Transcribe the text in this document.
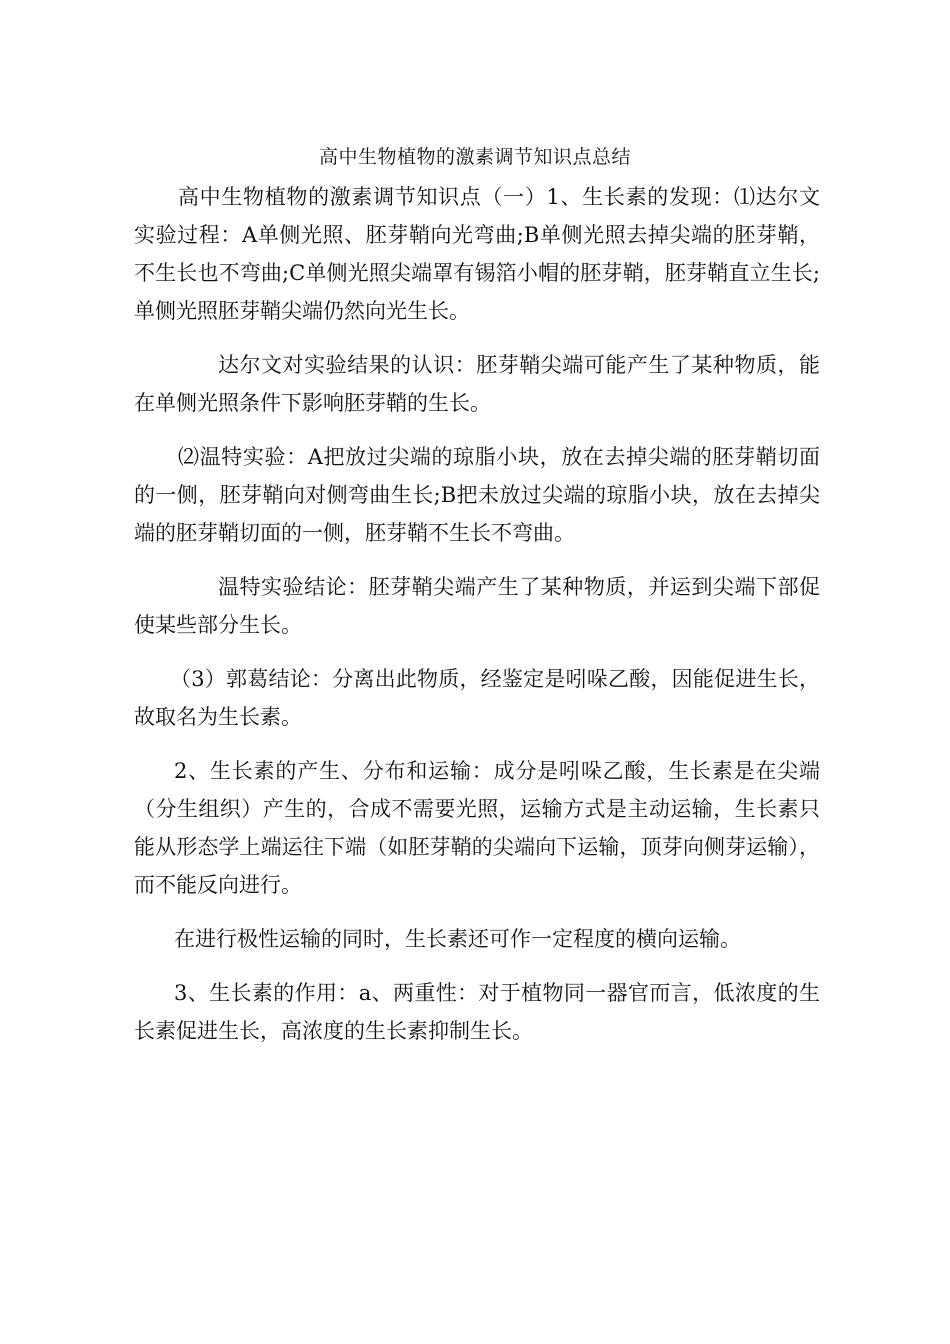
高中生物植物的激素调节知识点总结

高中生物植物的激素调节知识点（一）1、生长素的发现：⑴达尔文实验过程：A单侧光照、胚芽鞘向光弯曲;B单侧光照去掉尖端的胚芽鞘，不生长也不弯曲;C单侧光照尖端罩有锡箔小帽的胚芽鞘，胚芽鞘直立生长;单侧光照胚芽鞘尖端仍然向光生长。

达尔文对实验结果的认识：胚芽鞘尖端可能产生了某种物质，能在单侧光照条件下影响胚芽鞘的生长。

⑵温特实验：A把放过尖端的琼脂小块，放在去掉尖端的胚芽鞘切面的一侧，胚芽鞘向对侧弯曲生长;B把未放过尖端的琼脂小块，放在去掉尖端的胚芽鞘切面的一侧，胚芽鞘不生长不弯曲。

温特实验结论：胚芽鞘尖端产生了某种物质，并运到尖端下部促使某些部分生长。

（3）郭葛结论：分离出此物质，经鉴定是吲哚乙酸，因能促进生长，故取名为生长素。

2、生长素的产生、分布和运输：成分是吲哚乙酸，生长素是在尖端（分生组织）产生的，合成不需要光照，运输方式是主动运输，生长素只能从形态学上端运往下端（如胚芽鞘的尖端向下运输，顶芽向侧芽运输），而不能反向进行。

在进行极性运输的同时，生长素还可作一定程度的横向运输。

3、生长素的作用：a、两重性：对于植物同一器官而言，低浓度的生长素促进生长，高浓度的生长素抑制生长。
